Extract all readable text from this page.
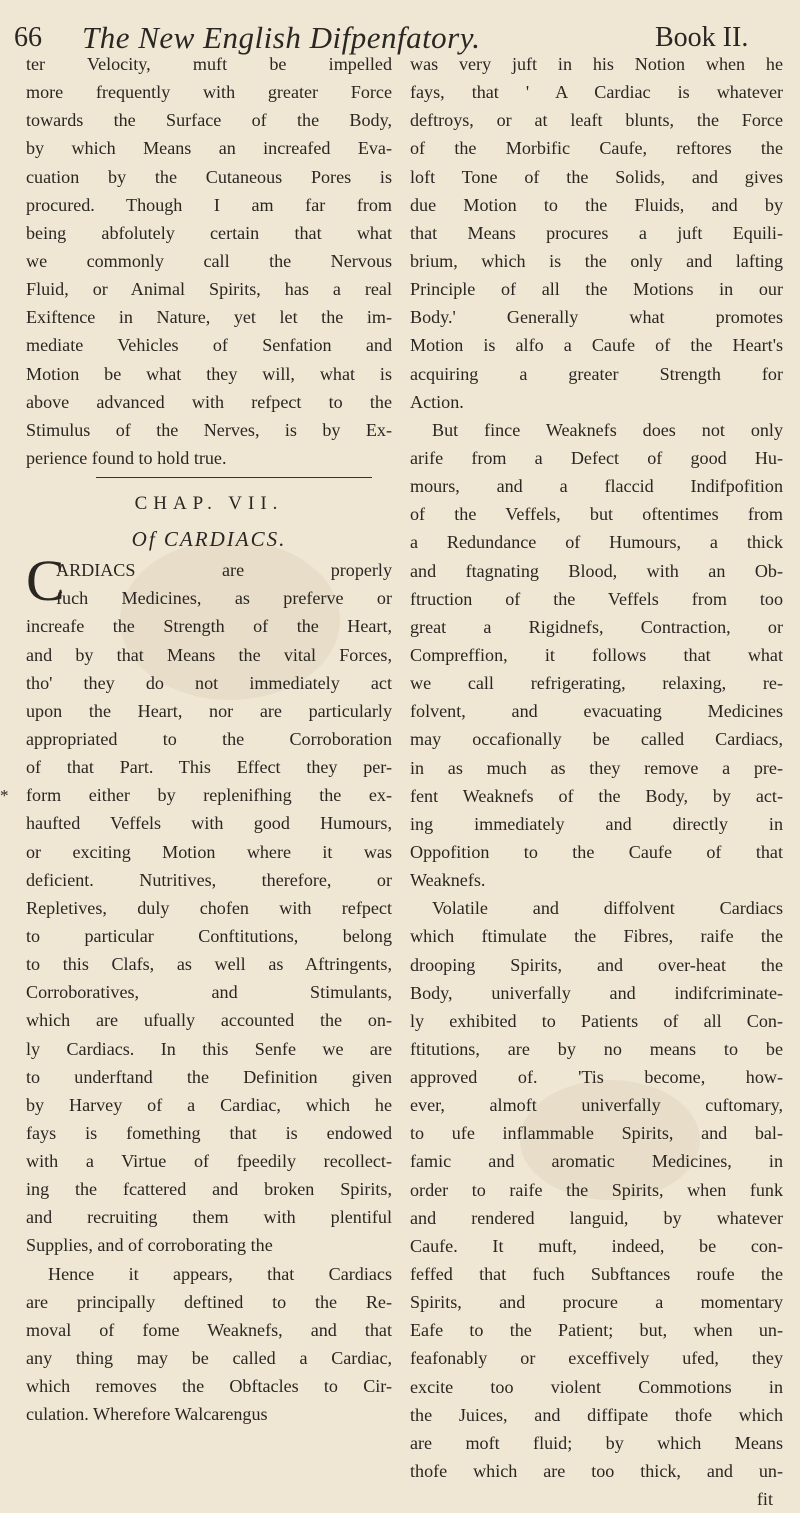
66 The New English Difpenfatory.	Book II.
ter Velocity, muft be impelled
more frequently with greater Force
towards the Surface of the Body,
by which Means an increafed Eva-
cuation by the Cutaneous Pores is
procured. Though I am far from
being abfolutely certain that what
we commonly call the Nervous
Fluid, or Animal Spirits, has a real
Exiftence in Nature, yet let the im-
mediate Vehicles of Senfation and
Motion be what they will, what is
above advanced with refpect to the
Stimulus of the Nerves, is by Ex-
perience found to hold true.
CHAP. VII.
Of CARDIACS.
C
ARDIACS are properly
fuch Medicines, as preferve or
increafe the Strength of the Heart,
and by that Means the vital Forces,
tho' they do not immediately act
upon the Heart, nor are particularly
appropriated to the Corroboration
of that Part. This Effect they per-
form either by replenifhing the ex-
haufted Veffels with good Humours,
or exciting Motion where it was
deficient. Nutritives, therefore, or
Repletives, duly chofen with refpect
to particular Conftitutions, belong
to this Clafs, as well as Aftringents,
Corroboratives, and Stimulants,
which are ufually accounted the on-
ly Cardiacs. In this Senfe we are
to underftand the Definition given
by Harvey of a Cardiac, which he
fays is fomething that is endowed
with a Virtue of fpeedily recollect-
ing the fcattered and broken Spirits,
and recruiting them with plentiful
Supplies, and of corroborating the
Hence it appears, that Cardiacs
are principally deftined to the Re-
moval of fome Weaknefs, and that
any thing may be called a Cardiac,
which removes the Obftacles to Cir-
culation. Wherefore Walcarengus
*
was very juft in his Notion when he
fays, that ' A Cardiac is whatever
deftroys, or at leaft blunts, the Force
of the Morbific Caufe, reftores the
loft Tone of the Solids, and gives
due Motion to the Fluids, and by
that Means procures a juft Equili-
brium, which is the only and lafting
Principle of all the Motions in our
Body.' Generally what promotes
Motion is alfo a Caufe of the Heart's
acquiring a greater Strength for
Action.
But fince Weaknefs does not only
arife from a Defect of good Hu-
mours, and a flaccid Indifpofition
of the Veffels, but oftentimes from
a Redundance of Humours, a thick
and ftagnating Blood, with an Ob-
ftruction of the Veffels from too
great a Rigidnefs, Contraction, or
Compreffion, it follows that what
we call refrigerating, relaxing, re-
folvent, and evacuating Medicines
may occafionally be called Cardiacs,
in as much as they remove a pre-
fent Weaknefs of the Body, by act-
ing immediately and directly in
Oppofition to the Caufe of that
Weaknefs.
Volatile and diffolvent Cardiacs
which ftimulate the Fibres, raife the
drooping Spirits, and over-heat the
Body, univerfally and indifcriminate-
ly exhibited to Patients of all Con-
ftitutions, are by no means to be
approved of. 'Tis become, how-
ever, almoft univerfally cuftomary,
to ufe inflammable Spirits, and bal-
famic and aromatic Medicines, in
order to raife the Spirits, when funk
and rendered languid, by whatever
Caufe. It muft, indeed, be con-
feffed that fuch Subftances roufe the
Spirits, and procure a momentary
Eafe to the Patient; but, when un-
feafonably or exceffively ufed, they
excite too violent Commotions in
the Juices, and diffipate thofe which
are moft fluid; by which Means
thofe which are too thick, and un-
fit
